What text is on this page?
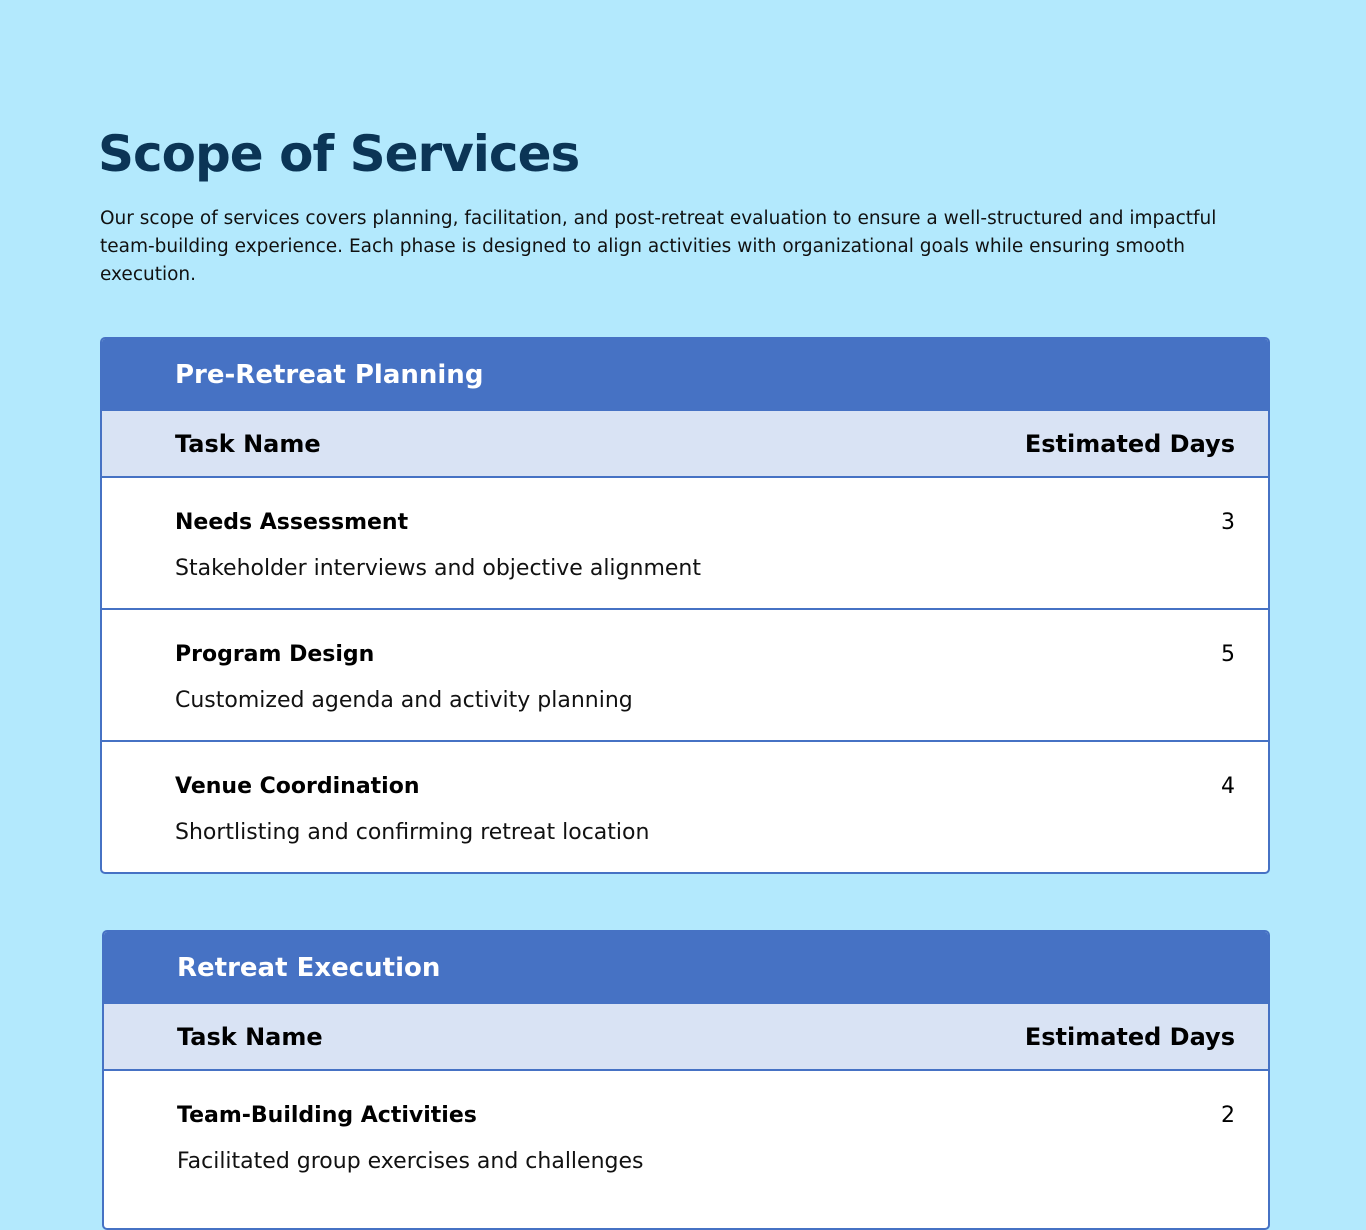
Scope of Services

Our scope of services covers planning, facilitation, and post-retreat evaluation to ensure a well-structured and impactful team-building experience. Each phase is designed to align activities with organizational goals while ensuring smooth execution.

Pre-Retreat Planning
Task Name	Estimated Days
Needs Assessment	3
Stakeholder interviews and objective alignment
Program Design	5
Customized agenda and activity planning
Venue Coordination	4
Shortlisting and confirming retreat location
Retreat Execution
Task Name	Estimated Days
Team-Building Activities	2
Facilitated group exercises and challenges
